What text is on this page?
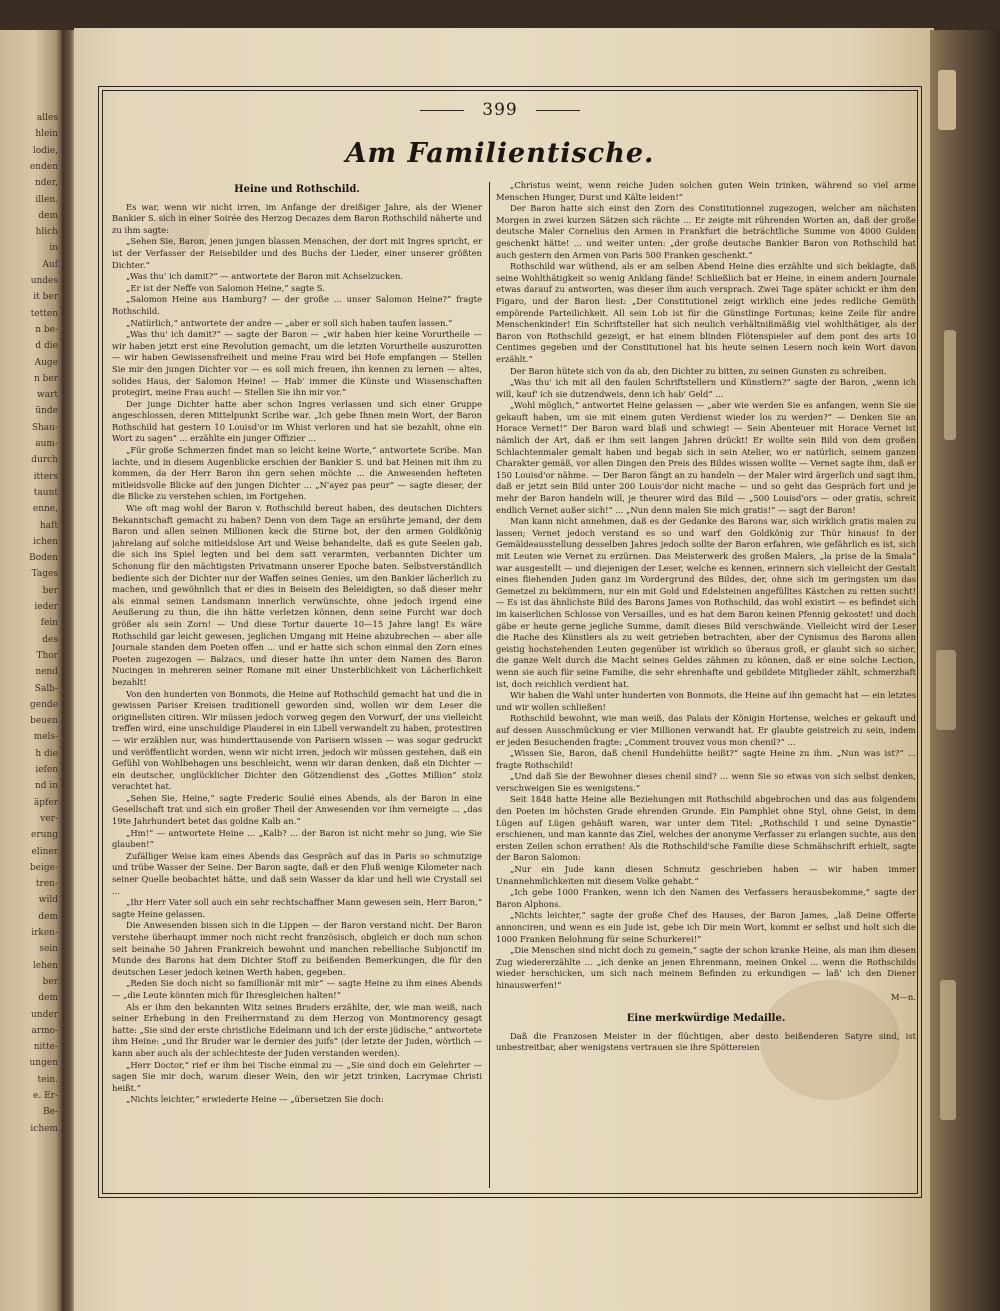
alles
hlein
lodie,
enden
nder,
illen.
dem
hlich
in
Auf
undes
it ber
tetten
n be-
d die
Auge
n ber
wart
ünde
Shau-
aum-
durch
itters
taunt
enne,
haft
ichen
Boden
Tages
ber
ieder
fein
des
Thor
nend
Salb-
gende
beuen
mels-
h die
iefen
nd in
äpfer
ver-
erung
eliner
beige-
tren-
wild
dem
irken-
sein
lehen
ber
dem
under
armo-
nitte-
ungen
tein.
e. Er-
Be-
ichem
399
Am Familientische.
Heine und Rothschild.

Es war, wenn wir nicht irren, im Anfange der dreißiger Jahre, als der Wiener Bankier S. sich in einer Soirée des Herzog Decazes dem Baron Rothschild näherte und zu ihm sagte:

„Sehen Sie, Baron, jenen jungen blassen Menschen, der dort mit Ingres spricht, er ist der Verfasser der Reisebilder und des Buchs der Lieder, einer unserer größten Dichter.“

„Was thu' ich damit?“ — antwortete der Baron mit Achselzucken.

„Er ist der Neffe von Salomon Heine,“ sagte S.

„Salomon Heine aus Hamburg? — der große ... unser Salomon Heine?“ fragte Rothschild.

„Natürlich,“ antwortete der andre — „aber er soll sich haben taufen lassen.“

„Was thu' ich damit?“ — sagte der Baron — „wir haben hier keine Vorurtheile — wir haben jetzt erst eine Revolution gemacht, um die letzten Vorurtheile auszurotten — wir haben Gewissensfreiheit und meine Frau wird bei Hofe empfangen — Stellen Sie mir den jungen Dichter vor — es soll mich freuen, ihn kennen zu lernen — altes, solides Haus, der Salomon Heine! — Hab' immer die Künste und Wissenschaften protegirt, meine Frau auch! — Stellen Sie ihn mir vor.“

Der junge Dichter hatte aber schon Ingres verlassen und sich einer Gruppe angeschlossen, deren Mittelpunkt Scribe war. „Ich gebe Ihnen mein Wort, der Baron Rothschild hat gestern 10 Louisd'or im Whist verloren und hat sie bezahlt, ohne ein Wort zu sagen“ ... erzählte ein junger Offizier ...

„Für große Schmerzen findet man so leicht keine Worte,“ antwortete Scribe. Man lachte, und in diesem Augenblicke erschien der Bankier S. und bat Heinen mit ihm zu kommen, da der Herr Baron ihn gern sehen möchte ... die Anwesenden hefteten mitleidsvolle Blicke auf den jungen Dichter ... „N'ayez pas peur“ — sagte dieser, der die Blicke zu verstehen schien, im Fortgehen.

Wie oft mag wohl der Baron v. Rothschild bereut haben, des deutschen Dichters Bekanntschaft gemacht zu haben? Denn von dem Tage an ersührte jemand, der dem Baron und allen seinen Millionen keck die Stirne bot, der den armen Goldkönig jahrelang auf solche mitleidslose Art und Weise behandelte, daß es gute Seelen gab, die sich ins Spiel legten und bei dem satt verarmten, verbannten Dichter um Schonung für den mächtigsten Privatmann unserer Epoche baten. Selbstverständlich bediente sich der Dichter nur der Waffen seines Genies, um den Bankier lächerlich zu machen, und gewöhnlich that er dies in Beisein des Beleidigten, so daß dieser mehr als einmal seinen Landsmann innerlich verwünschte, ohne jedoch irgend eine Aeußerung zu thun, die ihn hätte verletzen können, denn seine Furcht war doch größer als sein Zorn! — Und diese Tortur dauerte 10—15 Jahre lang! Es wäre Rothschild gar leicht gewesen, jeglichen Umgang mit Heine abzubrechen — aber alle Journale standen dem Poeten offen ... und er hatte sich schon einmal den Zorn eines Poeten zugezogen — Balzacs, und dieser hatte ihn unter dem Namen des Baron Nucingen in mehreren seiner Romane mit einer Unsterblichkeit von Lächerlichkeit bezahlt!

Von den hunderten von Bonmots, die Heine auf Rothschild gemacht hat und die in gewissen Pariser Kreisen traditionell geworden sind, wollen wir dem Leser die originellsten citiren. Wir müssen jedoch vorweg gegen den Vorwurf, der uns vielleicht treffen wird, eine unschuldige Plauderei in ein Libell verwandelt zu haben, protestiren — wir erzählen nur, was hunderttausende von Parisern wissen — was sogar gedruckt und veröffentlicht worden, wenn wir nicht irren, jedoch wir müssen gestehen, daß ein Gefühl von Wohlbehagen uns beschleicht, wenn wir daran denken, daß ein Dichter — ein deutscher, unglücklicher Dichter den Götzendienst des „Gottes Million“ stolz verachtet hat.

„Sehen Sie, Heine,“ sagte Frederic Soulié eines Abends, als der Baron in eine Gesellschaft trat und sich ein großer Theil der Anwesenden vor ihm verneigte ... „das 19te Jahrhundert betet das goldne Kalb an.“

„Hm!“ — antwortete Heine ... „Kalb? ... der Baron ist nicht mehr so jung, wie Sie glauben!“

Zufälliger Weise kam eines Abends das Gespräch auf das in Paris so schmutzige und trübe Wasser der Seine. Der Baron sagte, daß er den Fluß wenige Kilometer nach seiner Quelle beobachtet hätte, und daß sein Wasser da klar und hell wie Crystall sei ...

„Ihr Herr Vater soll auch ein sehr rechtschaffner Mann gewesen sein, Herr Baron,“ sagte Heine gelassen.

Die Anwesenden bissen sich in die Lippen — der Baron verstand nicht. Der Baron verstehe überhaupt immer noch nicht recht französisch, obgleich er doch nun schon seit beinahe 50 Jahren Frankreich bewohnt und manchen rebellische Subjonctif im Munde des Barons hat dem Dichter Stoff zu beißenden Bemerkungen, die für den deutschen Leser jedoch keinen Werth haben, gegeben.

„Reden Sie doch nicht so famillionär mit mir“ — sagte Heine zu ihm eines Abends — „die Leute könnten mich für Ihresgleichen halten!“

Als er ihm den bekannten Witz seines Bruders erzählte, der, wie man weiß, nach seiner Erhebung in den Freiherrnstand zu dem Herzog von Montmorency gesagt hatte: „Sie sind der erste christliche Edelmann und ich der erste jüdische,“ antwortete ihm Heine: „und Ihr Bruder war le dernier des juifs“ (der letzte der Juden, wörtlich — kann aber auch als der schlechteste der Juden verstanden werden).

„Herr Doctor,“ rief er ihm bei Tische einmal zu — „Sie sind doch ein Gelehrter — sagen Sie mir doch, warum dieser Wein, den wir jetzt trinken, Lacrymae Christi heißt.“

„Nichts leichter,“ erwiederte Heine — „übersetzen Sie doch:

„Christus weint, wenn reiche Juden solchen guten Wein trinken, während so viel arme Menschen Hunger, Durst und Kälte leiden!“

Der Baron hatte sich einst den Zorn des Constitutionnel zugezogen, welcher am nächsten Morgen in zwei kurzen Sätzen sich rächte ... Er zeigte mit rührenden Worten an, daß der große deutsche Maler Cornelius den Armen in Frankfurt die beträchtliche Summe von 4000 Gulden geschenkt hätte! ... und weiter unten: „der große deutsche Bankier Baron von Rothschild hat auch gestern den Armen von Paris 500 Franken geschenkt.“

Rothschild war wüthend, als er am selben Abend Heine dies erzählte und sich beklagte, daß seine Wohlthätigkeit so wenig Anklang fände! Schließlich bat er Heine, in einem andern Journale etwas darauf zu antworten, was dieser ihm auch versprach. Zwei Tage später schickt er ihm den Figaro, und der Baron liest: „Der Constitutionel zeigt wirklich eine jedes redliche Gemüth empörende Parteilichkeit. All sein Lob ist für die Günstlinge Fortunas; keine Zeile für andre Menschenkinder! Ein Schriftsteller hat sich neulich verhältnißmäßig viel wohlthätiger, als der Baron von Rothschild gezeigt, er hat einem blinden Flötenspieler auf dem pont des arts 10 Centimes gegeben und der Constitutionel hat bis heute seinen Lesern noch kein Wort davon erzählt.“

Der Baron hütete sich von da ab, den Dichter zu bitten, zu seinen Gunsten zu schreiben.

„Was thu' ich mit all den faulen Schriftstellern und Künstlern?“ sagte der Baron, „wenn ich will, kauf' ich sie dutzendweis, denn ich hab' Geld“ ...

„Wohl möglich,“ antwortet Heine gelassen — „aber wie werden Sie es anfangen, wenn Sie sie gekauft haben, um sie mit einem guten Verdienst wieder los zu werden?“ — Denken Sie an Horace Vernet!“ Der Baron ward blaß und schwieg! — Sein Abenteuer mit Horace Vernet ist nämlich der Art, daß er ihm seit langen Jahren drückt! Er wollte sein Bild von dem großen Schlachtenmaler gemalt haben und begab sich in sein Atelier, wo er natürlich, seinem ganzen Charakter gemäß, vor allen Dingen den Preis des Bildes wissen wollte — Vernet sagte ihm, daß er 150 Louisd'or nähme. — Der Baron fängt an zu handeln — der Maler wird ärgerlich und sagt ihm, daß er jetzt sein Bild unter 200 Louis'dor nicht mache — und so geht das Gespräch fort und je mehr der Baron handeln will, je theurer wird das Bild — „500 Louisd'ors — oder gratis, schreit endlich Vernet außer sich!“ ... „Nun denn malen Sie mich gratis!“ — sagt der Baron!

Man kann nicht annehmen, daß es der Gedanke des Barons war, sich wirklich gratis malen zu lassen; Vernet jedoch verstand es so und warf den Goldkönig zur Thür hinaus! In der Gemäldeausstellung desselben Jahres jedoch sollte der Baron erfahren, wie gefährlich es ist, sich mit Leuten wie Vernet zu erzürnen. Das Meisterwerk des großen Malers, „la prise de la Smala“ war ausgestellt — und diejenigen der Leser, welche es kennen, erinnern sich vielleicht der Gestalt eines fliehenden Juden ganz im Vordergrund des Bildes, der, ohne sich im geringsten um das Gemetzel zu bekümmern, nur ein mit Gold und Edelsteinen angefülltes Kästchen zu retten sucht! — Es ist das ähnlichste Bild des Barons James von Rothschild, das wohl existirt — es befindet sich im kaiserlichen Schlosse von Versailles, und es hat dem Baron keinen Pfennig gekostet! und doch gäbe er heute gerne jegliche Summe, damit dieses Bild verschwände. Vielleicht wird der Leser die Rache des Künstlers als zu weit getrieben betrachten, aber der Cynismus des Barons allen geistig hochstehenden Leuten gegenüber ist wirklich so überaus groß, er glaubt sich so sicher, die ganze Welt durch die Macht seines Geldes zähmen zu können, daß er eine solche Lection, wenn sie auch für seine Familie, die sehr ehrenhafte und gebildete Mitglieder zählt, schmerzhaft ist, doch reichlich verdient hat.

Wir haben die Wahl unter hunderten von Bonmots, die Heine auf ihn gemacht hat — ein letztes und wir wollen schließen!

Rothschild bewohnt, wie man weiß, das Palais der Königin Hortense, welches er gekauft und auf dessen Ausschmückung er vier Millionen verwandt hat. Er glaubte geistreich zu sein, indem er jeden Besuchenden fragte: „Comment trouvez vous mon chenil?“ ...

„Wissen Sie, Baron, daß chenil Hundehütte heißt?“ sagte Heine zu ihm. „Nun was ist?“ ... fragte Rothschild!

„Und daß Sie der Bewohner dieses chenil sind? ... wenn Sie so etwas von sich selbst denken, verschweigen Sie es wenigstens.“

Seit 1848 hatte Heine alle Beziehungen mit Rothschild abgebrochen und das aus folgendem den Poeten im höchsten Grade ehrenden Grunde. Ein Pamphlet ohne Styl, ohne Geist, in dem Lügen auf Lügen gehäuft waren, war unter dem Titel: „Rothschild I und seine Dynastie“ erschienen, und man kannte das Ziel, welches der anonyme Verfasser zu erlangen suchte, aus den ersten Zeilen schon errathen! Als die Rothschild'sche Familie diese Schmähschrift erhielt, sagte der Baron Salomon:

„Nur ein Jude kann diesen Schmutz geschrieben haben — wir haben immer Unannehmlichkeiten mit diesem Volke gehabt.“

„Ich gebe 1000 Franken, wenn ich den Namen des Verfassers herausbekomme,“ sagte der Baron Alphons.

„Nichts leichter,“ sagte der große Chef des Hauses, der Baron James, „laß Deine Offerte annonciren, und wenn es ein Jude ist, gebe ich Dir mein Wort, kommt er selbst und holt sich die 1000 Franken Belohnung für seine Schurkerei!“

„Die Menschen sind nicht doch zu gemein,“ sagte der schon kranke Heine, als man ihm diesen Zug wiedererzählte ... „ich denke an jenen Ehrenmann, meinen Onkel ... wenn die Rothschilds wieder herschicken, um sich nach meinem Befinden zu erkundigen — laß' ich den Diener hinauswerfen!“

M—n.

Eine merkwürdige Medaille.

Daß die Franzosen Meister in der flüchtigen, aber desto beißenderen Satyre sind, ist unbestreitbar, aber wenigstens vertrauen sie ihre Spöttereien
